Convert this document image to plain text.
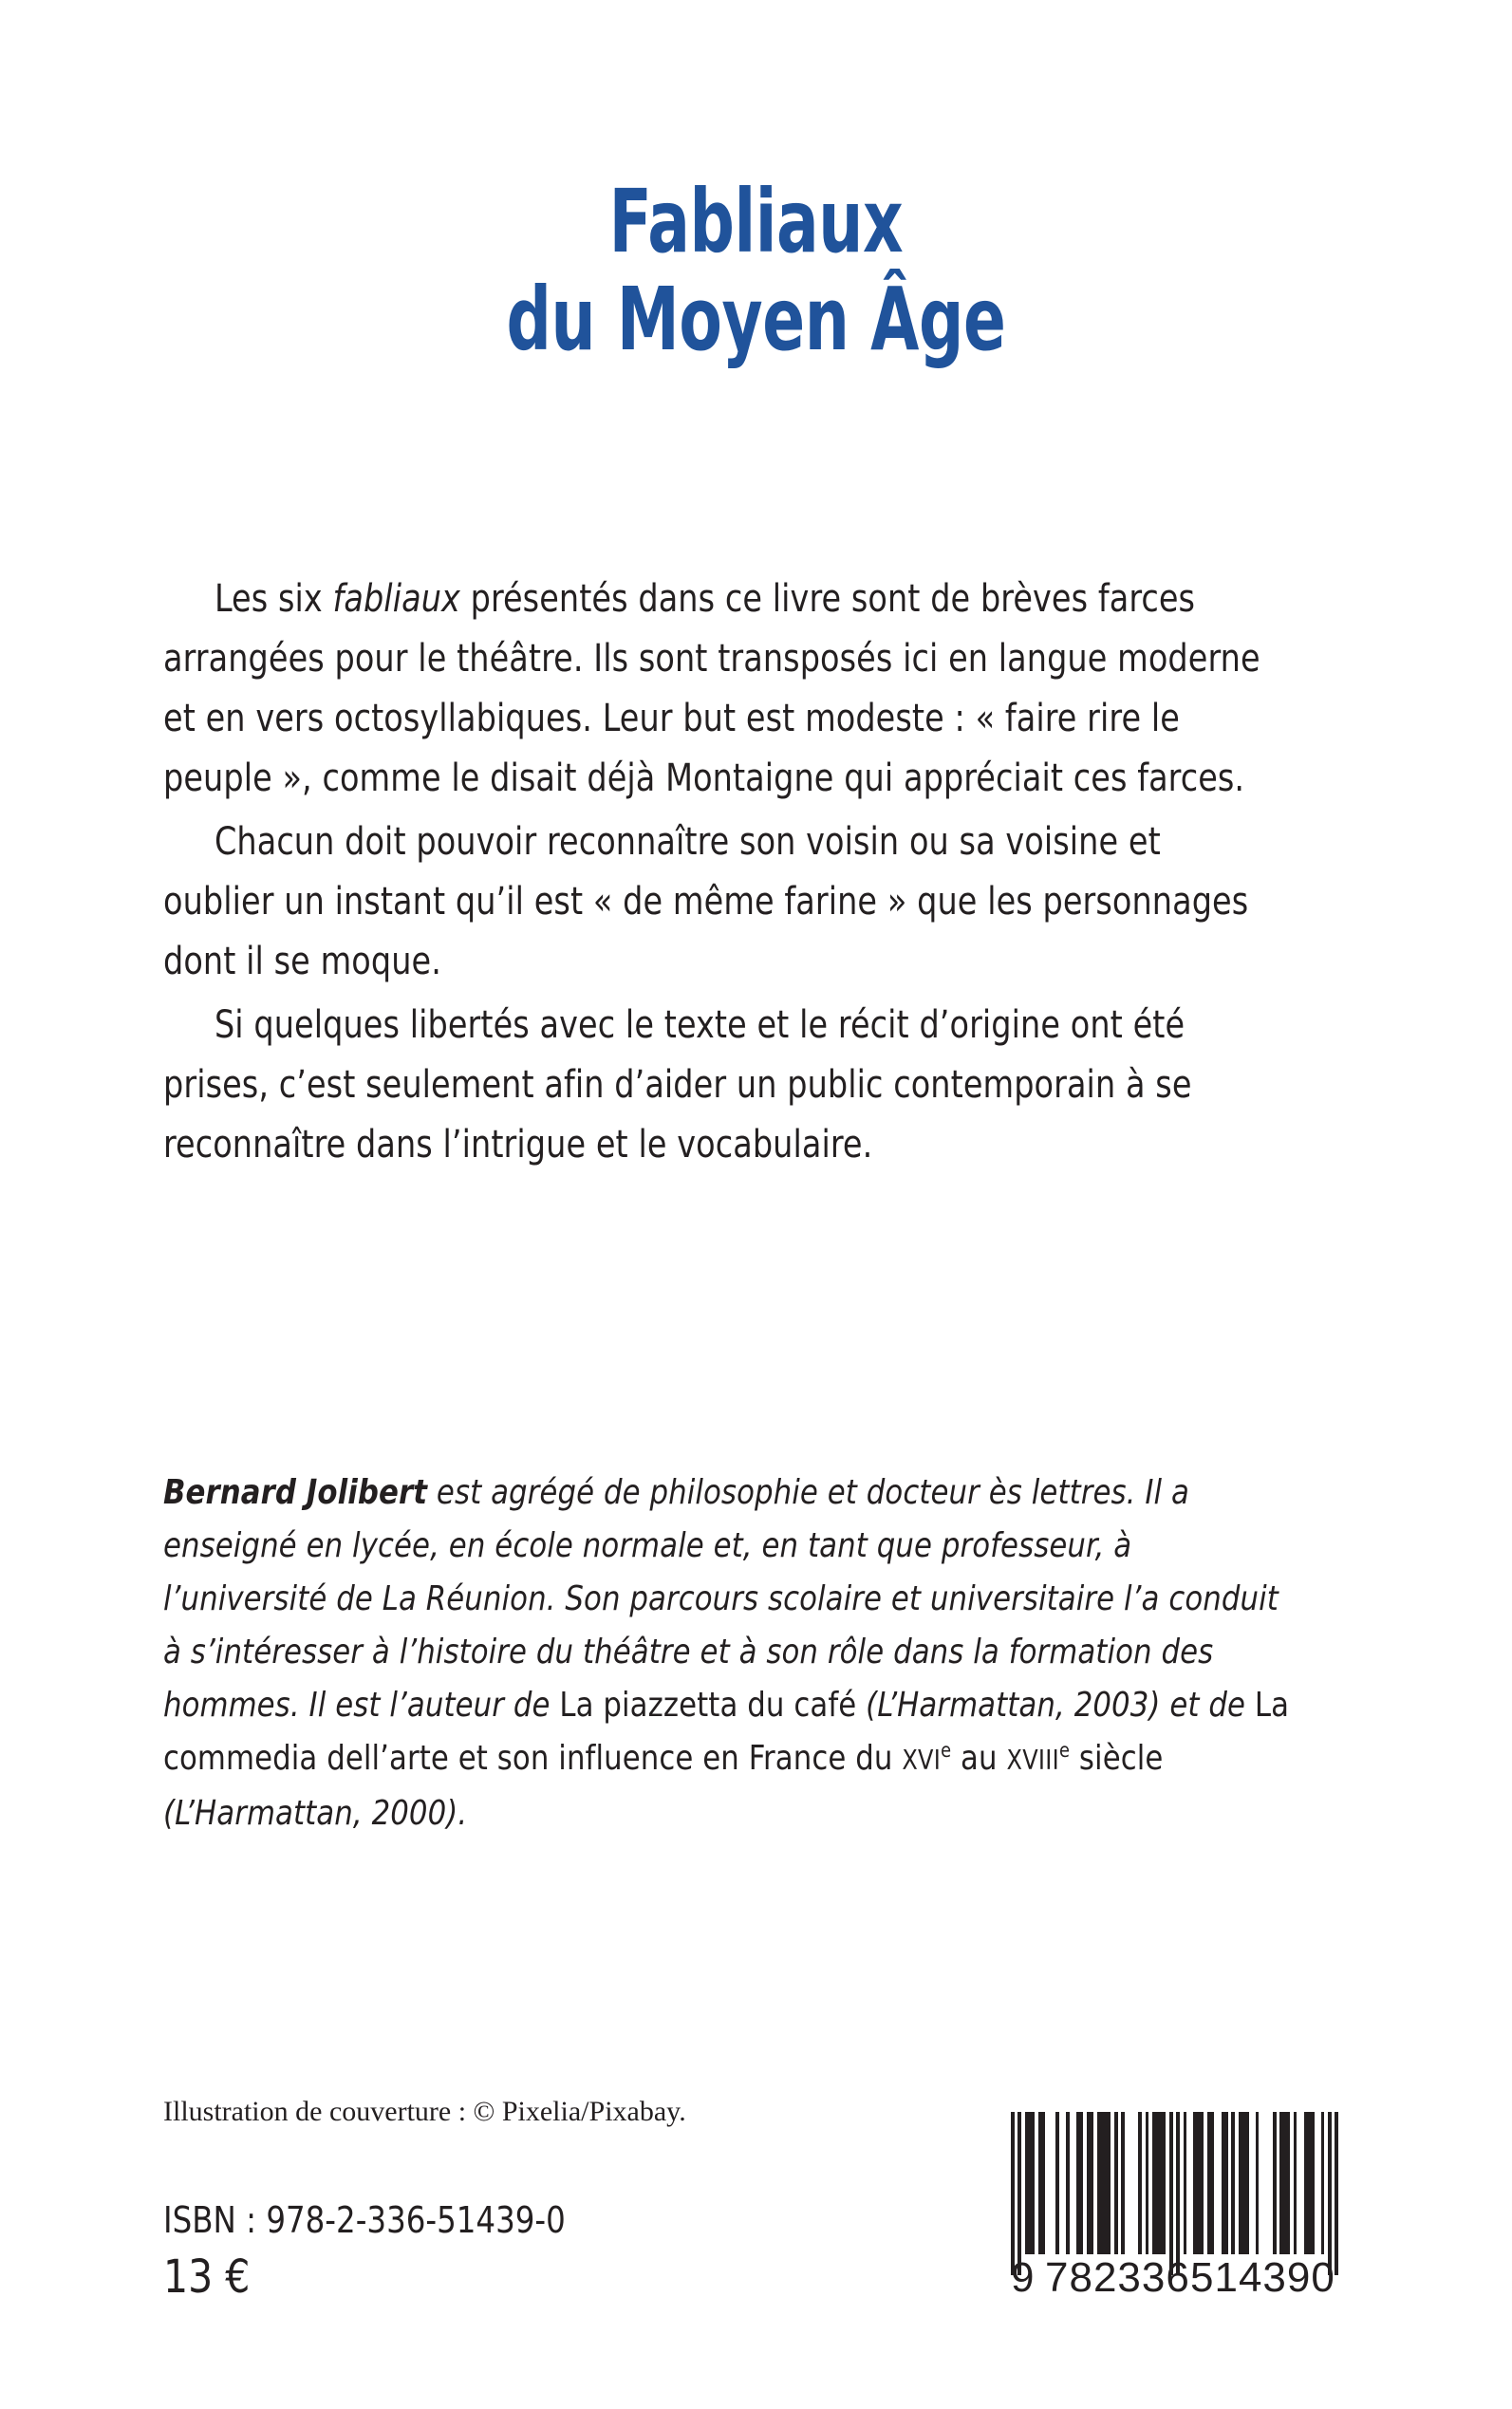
Fabliaux
du Moyen Âge

Les six fabliaux présentés dans ce livre sont de brèves farces arrangées pour le théâtre. Ils sont transposés ici en langue moderne et en vers octosyllabiques. Leur but est modeste : « faire rire le peuple », comme le disait déjà Montaigne qui appréciait ces farces.

Chacun doit pouvoir reconnaître son voisin ou sa voisine et oublier un instant qu’il est « de même farine » que les personnages dont il se moque.

Si quelques libertés avec le texte et le récit d’origine ont été prises, c’est seulement afin d’aider un public contemporain à se reconnaître dans l’intrigue et le vocabulaire.

Bernard Jolibert est agrégé de philosophie et docteur ès lettres. Il a enseigné en lycée, en école normale et, en tant que professeur, à l’université de La Réunion. Son parcours scolaire et universitaire l’a conduit à s’intéresser à l’histoire du théâtre et à son rôle dans la formation des hommes. Il est l’auteur de La piazzetta du café (L’Harmattan, 2003) et de La commedia dell’arte et son influence en France du XVIe au XVIIIe siècle (L’Harmattan, 2000).
Illustration de couverture : © Pixelia/Pixabay.
ISBN : 978-2-336-51439-0
13 €	9 782336 514390
